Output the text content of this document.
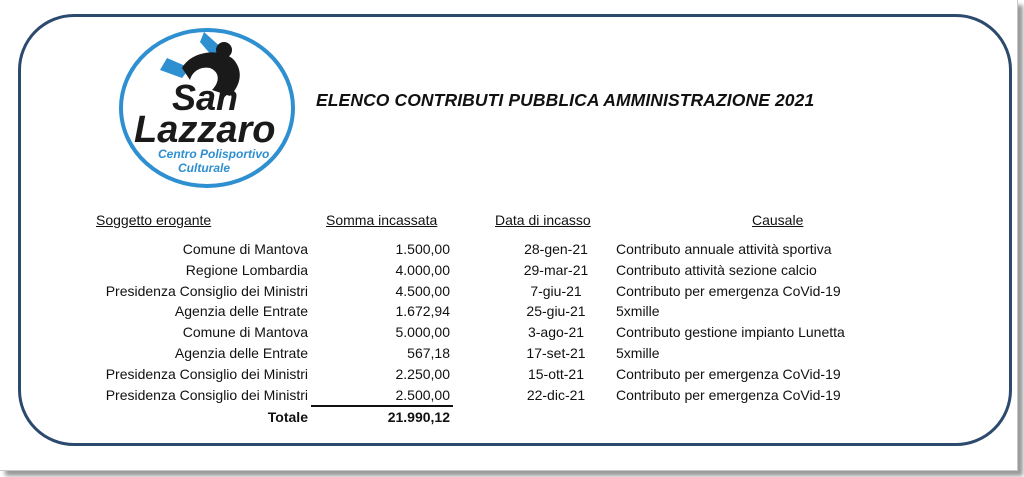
San
Lazzaro
Centro Polisportivo
Culturale
ELENCO CONTRIBUTI PUBBLICA AMMINISTRAZIONE 2021
Soggetto erogante	Somma incassata	Data di incasso	Causale
Comune di Mantova	1.500,00	28-gen-21	Contributo annuale attività sportiva
Regione Lombardia	4.000,00	29-mar-21	Contributo attività sezione calcio
Presidenza Consiglio dei Ministri	4.500,00	7-giu-21	Contributo per emergenza CoVid-19
Agenzia delle Entrate	1.672,94	25-giu-21	5xmille
Comune di Mantova	5.000,00	3-ago-21	Contributo gestione impianto Lunetta
Agenzia delle Entrate	567,18	17-set-21	5xmille
Presidenza Consiglio dei Ministri	2.250,00	15-ott-21	Contributo per emergenza CoVid-19
Presidenza Consiglio dei Ministri	2.500,00	22-dic-21	Contributo per emergenza CoVid-19
Totale	21.990,12
